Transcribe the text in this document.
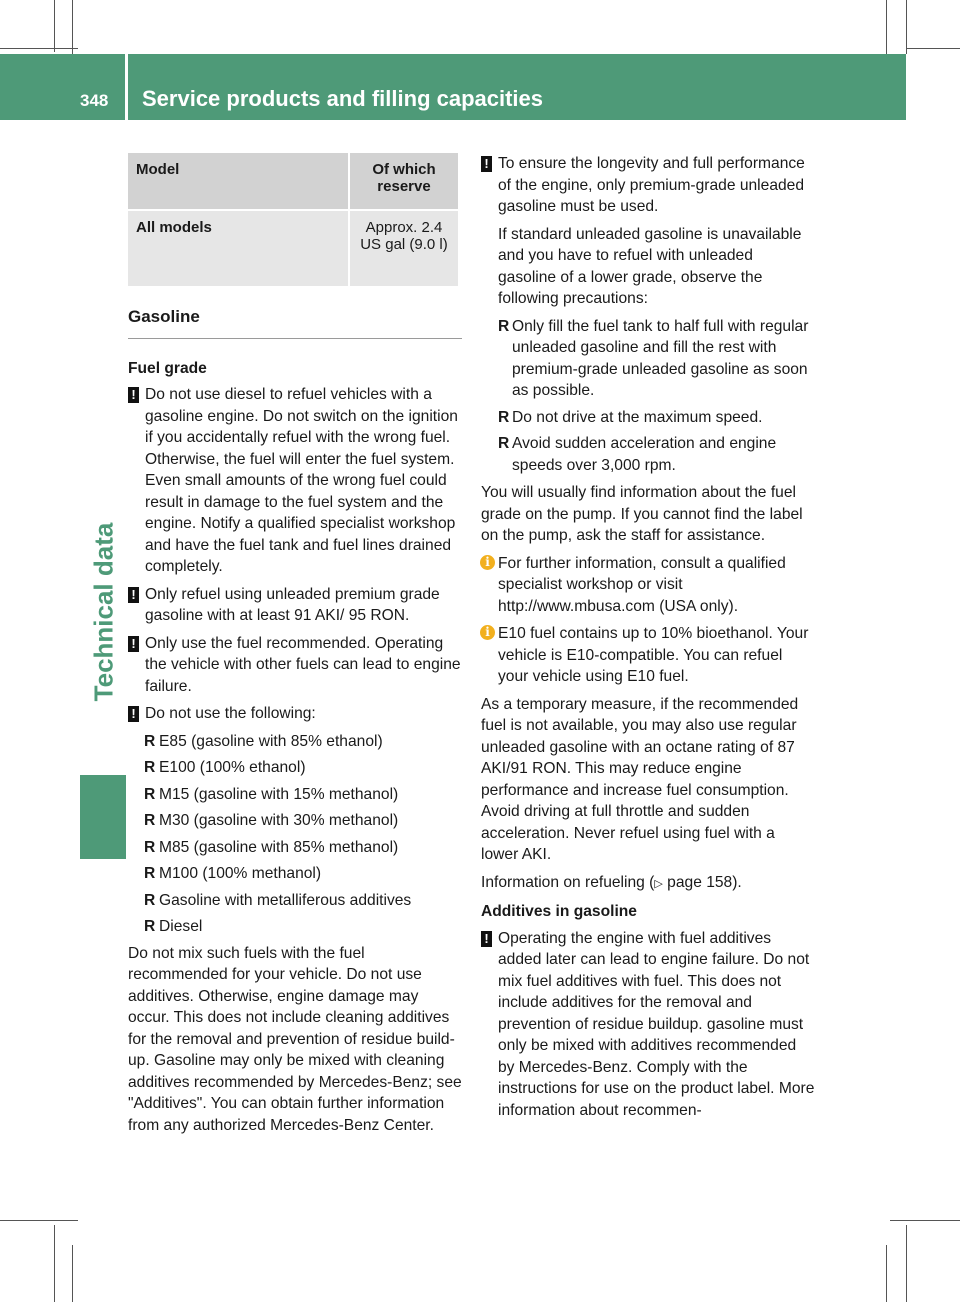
348 Service products and filling capacities
Technical data
Model	Of which reserve
All models	Approx. 2.4 US gal (9.0 l)
Gasoline
Fuel grade
! Do not use diesel to refuel vehicles with a gasoline engine. Do not switch on the ignition if you accidentally refuel with the wrong fuel. Otherwise, the fuel will enter the fuel system. Even small amounts of the wrong fuel could result in damage to the fuel system and the engine. Notify a qualified specialist workshop and have the fuel tank and fuel lines drained completely.
! Only refuel using unleaded premium grade gasoline with at least 91 AKI/ 95 RON.
! Only use the fuel recommended. Operating the vehicle with other fuels can lead to engine failure.
! Do not use the following:
R E85 (gasoline with 85% ethanol)
R E100 (100% ethanol)
R M15 (gasoline with 15% methanol)
R M30 (gasoline with 30% methanol)
R M85 (gasoline with 85% methanol)
R M100 (100% methanol)
R Gasoline with metalliferous additives
R Diesel

Do not mix such fuels with the fuel recommended for your vehicle. Do not use additives. Otherwise, engine damage may occur. This does not include cleaning additives for the removal and prevention of residue build-up. Gasoline may only be mixed with cleaning additives recommended by Mercedes-Benz; see "Additives". You can obtain further information from any authorized Mercedes-Benz Center.

! To ensure the longevity and full performance of the engine, only premium-grade unleaded gasoline must be used.
If standard unleaded gasoline is unavailable and you have to refuel with unleaded gasoline of a lower grade, observe the following precautions:
R Only fill the fuel tank to half full with regular unleaded gasoline and fill the rest with premium-grade unleaded gasoline as soon as possible.
R Do not drive at the maximum speed.
R Avoid sudden acceleration and engine speeds over 3,000 rpm.

You will usually find information about the fuel grade on the pump. If you cannot find the label on the pump, ask the staff for assistance.

i For further information, consult a qualified specialist workshop or visit http://www.mbusa.com (USA only).
i E10 fuel contains up to 10% bioethanol. Your vehicle is E10-compatible. You can refuel your vehicle using E10 fuel.

As a temporary measure, if the recommended fuel is not available, you may also use regular unleaded gasoline with an octane rating of 87 AKI/91 RON. This may reduce engine performance and increase fuel consumption. Avoid driving at full throttle and sudden acceleration. Never refuel using fuel with a lower AKI.

Information on refueling (▷ page 158).

Additives in gasoline
! Operating the engine with fuel additives added later can lead to engine failure. Do not mix fuel additives with fuel. This does not include additives for the removal and prevention of residue buildup. gasoline must only be mixed with additives recommended by Mercedes-Benz. Comply with the instructions for use on the product label. More information about recommen-
